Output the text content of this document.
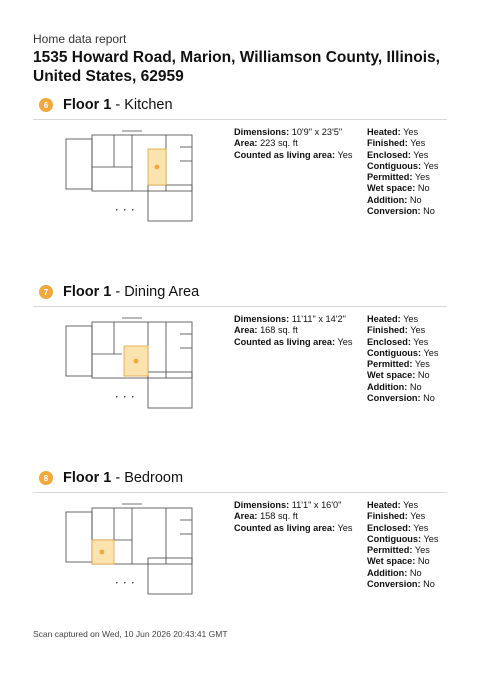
Home data report
1535 Howard Road, Marion, Williamson County, Illinois, United States, 62959
6	Floor 1 - Kitchen
Dimensions: 10'9" x 23'5"
Area: 223 sq. ft
Counted as living area: Yes
Heated: Yes
Finished: Yes
Enclosed: Yes
Contiguous: Yes
Permitted: Yes
Wet space: No
Addition: No
Conversion: No
7	Floor 1 - Dining Area
Dimensions: 11'11" x 14'2"
Area: 168 sq. ft
Counted as living area: Yes
Heated: Yes
Finished: Yes
Enclosed: Yes
Contiguous: Yes
Permitted: Yes
Wet space: No
Addition: No
Conversion: No
8	Floor 1 - Bedroom
Dimensions: 11'1" x 16'0"
Area: 158 sq. ft
Counted as living area: Yes
Heated: Yes
Finished: Yes
Enclosed: Yes
Contiguous: Yes
Permitted: Yes
Wet space: No
Addition: No
Conversion: No
Scan captured on Wed, 10 Jun 2026 20:43:41 GMT
